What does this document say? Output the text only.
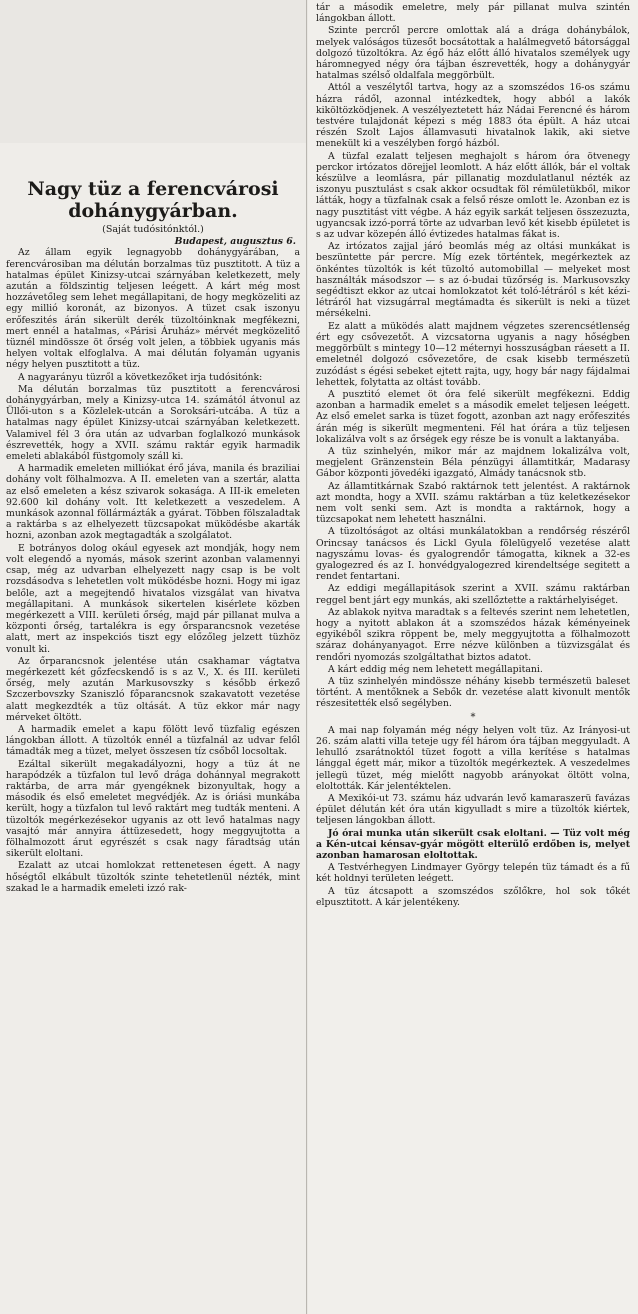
Nagy tüz a ferencvárosi
dohánygyárban.
(Saját tudósitónktól.)
Budapest, augusztus 6.

Az állam egyik legnagyobb dohánygyárában, a ferencvárosiban ma délután borzalmas tüz pusztitott. A tüz a hatalmas épület Kinizsy-utcai szárnyában keletkezett, mely azután a földszintig teljesen leégett. A kárt még most hozzávetőleg sem lehet megállapitani, de hogy megközeliti az egy millió koronát, az bizonyos. A tüzet csak iszonyu erőfeszités árán sikerült derék tüzoltóinknak megfékezni, mert ennél a hatalmas, «Párisi Áruház» mérvét megközelitő tüznél mindössze öt őrség volt jelen, a többiek ugyanis más helyen voltak elfoglalva. A mai délután folyamán ugyanis négy helyen pusztitott a tüz.

A nagyarányu tüzről a következőket irja tudósitónk:

Ma délután borzalmas tüz pusztitott a ferencvárosi dohánygyárban, mely a Kinizsy-utca 14. számától átvonul az Üllői-uton s a Közlelek-utcán a Soroksári-utcába. A tüz a hatalmas nagy épület Kinizsy-utcai szárnyában keletkezett. Valamivel fél 3 óra után az udvarban foglalkozó munkások észrevették, hogy a XVII. számu raktár egyik harmadik emeleti ablakából füstgomoly száll ki.

A harmadik emeleten milliókat érő jáva, manila és braziliai dohány volt fölhalmozva. A II. emeleten van a szertár, alatta az első emeleten a kész szivarok sokasága. A III-ik emeleten 92.600 kil dohány volt. Itt keletkezett a veszedelem. A munkások azonnal föllármázták a gyárat. Többen fölszaladtak a raktárba s az elhelyezett tüzcsapokat müködésbe akarták hozni, azonban azok megtagadták a szolgálatot.

E botrányos dolog okául egyesek azt mondják, hogy nem volt elegendő a nyomás, mások szerint azonban valamennyi csap, még az udvarban elhelyezett nagy csap is be volt rozsdásodva s lehetetlen volt müködésbe hozni. Hogy mi igaz belőle, azt a megejtendő hivatalos vizsgálat van hivatva megállapitani. A munkások sikertelen kisérlete közben megérkezett a VIII. kerületi őrség, majd pár pillanat mulva a központi őrség, tartalékra is egy őrsparancsnok vezetése alatt, mert az inspekciós tiszt egy előzőleg jelzett tüzhöz vonult ki.

Az őrparancsnok jelentése után csakhamar vágtatva megérkezett két gőzfecskendő is s az V., X. és III. kerületi őrség, mely azután Markusovszky s később érkező Szczerbovszky Szaniszló főparancsnok szakavatott vezetése alatt megkezdték a tüz oltását. A tüz ekkor már nagy mérveket öltött.

A harmadik emelet a kapu fölött levő tüzfalig egészen lángokban állott. A tüzoltók ennél a tüzfalnál az udvar felől támadták meg a tüzet, melyet összesen tíz csőből locsoltak.

Ezáltal sikerült megakadályozni, hogy a tüz át ne harapódzék a tüzfalon tul levő drága dohánnyal megrakott raktárba, de arra már gyengéknek bizonyultak, hogy a második és első emeletet megvédjék. Az is óriási munkába került, hogy a tüzfalon tul levő raktárt meg tudták menteni. A tüzoltók megérkezésekor ugyanis az ott levő hatalmas nagy vasajtó már annyira áttüzesedett, hogy meggyujtotta a fölhalmozott árut egyrészét s csak nagy fáradtság után sikerült eloltani.

Ezalatt az utcai homlokzat rettenetesen égett. A nagy hőségtől elkábult tüzoltók szinte tehetetlenül nézték, mint szakad le a harmadik emeleti izzó rak-

tár a második emeletre, mely pár pillanat mulva szintén lángokban állott.

Szinte percről percre omlottak alá a drága dohánybálok, melyek valóságos tüzesőt bocsátottak a halálmegvető bátorsággal dolgozó tüzoltókra. Az égő ház előtt álló hivatalos személyek ugy háromnegyed négy óra tájban észrevették, hogy a dohánygyár hatalmas szélső oldalfala meggörbült.

Attól a veszélytől tartva, hogy az a szomszédos 16-os számu házra rádől, azonnal intézkedtek, hogy abból a lakók kiköltözködjenek. A veszélyeztetett ház Nádai Ferencné és három testvére tulajdonát képezi s még 1883 óta épült. A ház utcai részén Szolt Lajos államvasuti hivatalnok lakik, aki sietve menekült ki a veszélyben forgó házból.

A tüzfal ezalatt teljesen meghajolt s három óra ötvenegy perckor irtózatos dörejjel leomlott. A ház előtt állók, bár el voltak készülve a leomlásra, pár pillanatig mozdulatlanul nézték az iszonyu pusztulást s csak akkor ocsudtak föl rémületükből, mikor látták, hogy a tüzfalnak csak a felső része omlott le. Azonban ez is nagy pusztitást vitt végbe. A ház egyik sarkát teljesen összezuzta, ugyancsak izzó-porrá törte az udvarban levő két kisebb épületet is s az udvar közepén álló évtizedes hatalmas fákat is.

Az irtózatos zajjal járó beomlás még az oltási munkákat is beszüntette pár percre. Míg ezek történtek, megérkeztek az önkéntes tüzoltók is két tüzoltó automobillal — melyeket most használták másodszor — s az ó-budai tüzőrség is. Markusovszky segédtiszt ekkor az utcai homlokzatot két toló-létráról s két kézi-létráról hat vizsugárral megtámadta és sikerült is neki a tüzet mérsékelni.

Ez alatt a müködés alatt majdnem végzetes szerencsétlenség ért egy csővezetőt. A vizcsatorna ugyanis a nagy hőségben meggörbült s mintegy 10—12 méternyi hosszuságban ráesett a II. emeletnél dolgozó csővezetőre, de csak kisebb természetü zuzódást s égési sebeket ejtett rajta, ugy, hogy bár nagy fájdalmai lehettek, folytatta az oltást tovább.

A pusztitó elemet öt óra felé sikerült megfékezni. Eddig azonban a harmadik emelet s a második emelet teljesen leégett. Az első emelet sarka is tüzet fogott, azonban azt nagy erőfeszités árán még is sikerült megmenteni. Fél hat órára a tüz teljesen lokalizálva volt s az őrségek egy része be is vonult a laktanyába.

A tüz szinhelyén, mikor már az majdnem lokalizálva volt, megjelent Gränzenstein Béla pénzügyi államtitkár, Madarasy Gábor központi jövedéki igazgató, Almády tanácsnok stb.

Az államtitkárnak Szabó raktárnok tett jelentést. A raktárnok azt mondta, hogy a XVII. számu raktárban a tüz keletkezésekor nem volt senki sem. Azt is mondta a raktárnok, hogy a tüzcsapokat nem lehetett használni.

A tüzoltóságot az oltási munkálatokban a rendőrség részéről Orincsay tanácsos és Lickl Gyula fölelügyelő vezetése alatt nagyszámu lovas- és gyalogrendőr támogatta, kiknek a 32-es gyalogezred és az I. honvédgyalogezred kirendeltsége segitett a rendet fentartani.

Az eddigi megállapitások szerint a XVII. számu raktárban reggel bent járt egy munkás, aki szellőztette a raktárhelyiséget.

Az ablakok nyitva maradtak s a feltevés szerint nem lehetetlen, hogy a nyitott ablakon át a szomszédos házak kéményeinek egyikéből szikra röppent be, mely meggyujtotta a fölhalmozott száraz dohányanyagot. Erre nézve különben a tüzvizsgálat és rendőri nyomozás szolgáltathat biztos adatot.

A kárt eddig még nem lehetett megállapitani.

A tüz szinhelyén mindössze néhány kisebb természetü baleset történt. A mentőknek a Sebők dr. vezetése alatt kivonult mentők részesitették első segélyben.

*

A mai nap folyamán még négy helyen volt tüz. Az Irányosi-ut 26. szám alatti villa teteje ugy fél három óra tájban meggyuladt. A lehulló zsarátnoktól tüzet fogott a villa kerítése s hatalmas lánggal égett már, mikor a tüzoltók megérkeztek. A veszedelmes jellegü tüzet, még mielőtt nagyobb arányokat öltött volna, eloltották. Kár jelentéktelen.

A Mexikói-ut 73. számu ház udvarán levő kamaraszerü favázas épület délután két óra után kigyulladt s mire a tüzoltók kiértek, teljesen lángokban állott.

Jó órai munka után sikerült csak eloltani. — Tüz volt még a Kén-utcai kénsav-gyár mögött elterülő erdőben is, melyet azonban hamarosan eloltottak.

A Testvérhegyen Lindmayer György telepén tüz támadt és a fű két holdnyi területen leégett.

A tüz átcsapott a szomszédos szőlőkre, hol sok tőkét elpusztitott. A kár jelentékeny.
